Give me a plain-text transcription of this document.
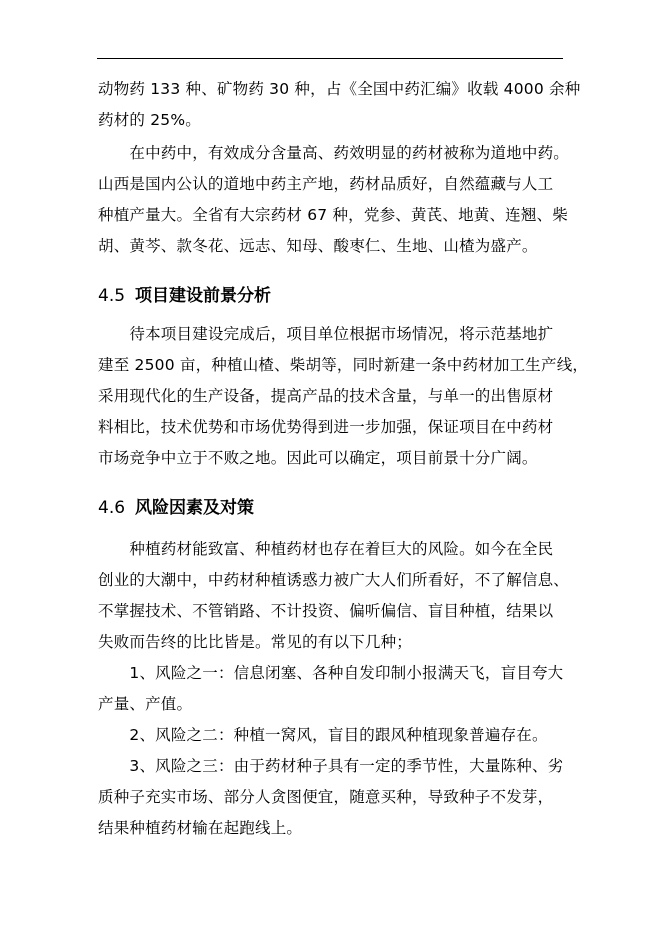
动物药 133 种、矿物药 30 种，占《全国中药汇编》收载 4000 余种
药材的 25%。
　　在中药中，有效成分含量高、药效明显的药材被称为道地中药。
山西是国内公认的道地中药主产地，药材品质好，自然蕴藏与人工
种植产量大。全省有大宗药材 67 种，党参、黄芪、地黄、连翘、柴
胡、黄芩、款冬花、远志、知母、酸枣仁、生地、山楂为盛产。
4.5 项目建设前景分析
　　待本项目建设完成后，项目单位根据市场情况，将示范基地扩
建至 2500 亩，种植山楂、柴胡等，同时新建一条中药材加工生产线，
采用现代化的生产设备，提高产品的技术含量，与单一的出售原材
料相比，技术优势和市场优势得到进一步加强，保证项目在中药材
市场竞争中立于不败之地。因此可以确定，项目前景十分广阔。
4.6 风险因素及对策
　　种植药材能致富、种植药材也存在着巨大的风险。如今在全民
创业的大潮中，中药材种植诱惑力被广大人们所看好，不了解信息、
不掌握技术、不管销路、不计投资、偏听偏信、盲目种植，结果以
失败而告终的比比皆是。常见的有以下几种；
　　1、风险之一：信息闭塞、各种自发印制小报满天飞，盲目夸大
产量、产值。
　　2、风险之二：种植一窝风，盲目的跟风种植现象普遍存在。
　　3、风险之三：由于药材种子具有一定的季节性，大量陈种、劣
质种子充实市场、部分人贪图便宜，随意买种，导致种子不发芽，
结果种植药材输在起跑线上。
